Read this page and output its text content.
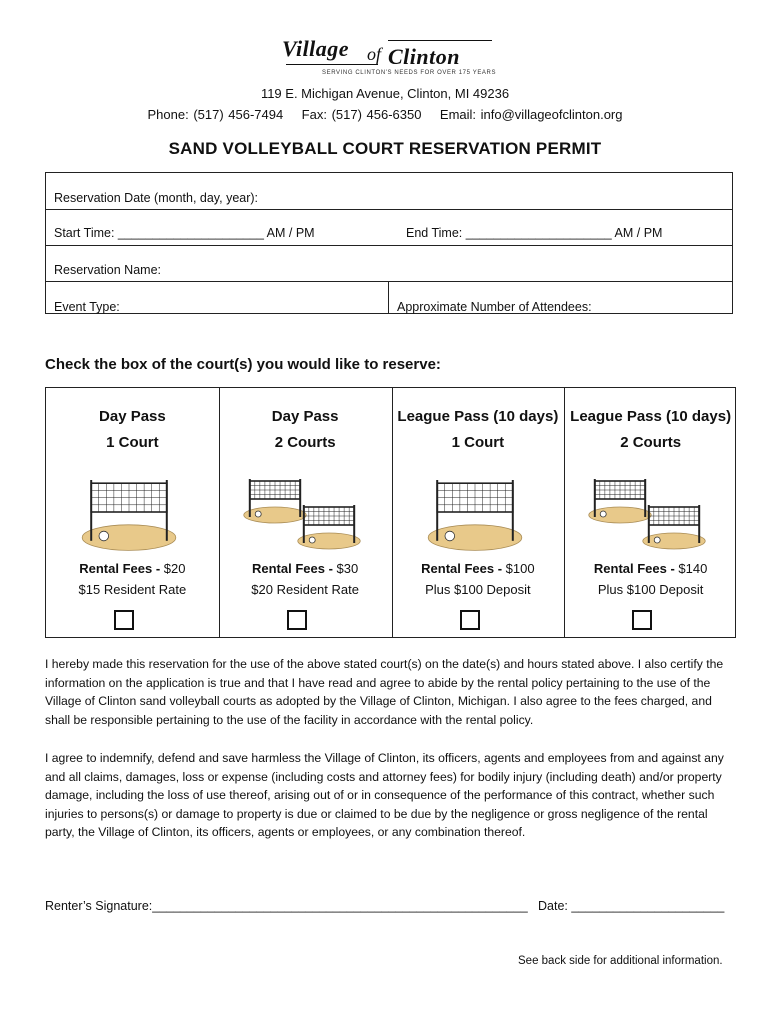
Village of Clinton
SERVING CLINTON'S NEEDS FOR OVER 175 YEARS
119 E. Michigan Avenue, Clinton, MI 49236
Phone: (517) 456-7494    Fax: (517) 456-6350    Email: info@villageofclinton.org
SAND VOLLEYBALL COURT RESERVATION PERMIT
Reservation Date (month, day, year):
Start Time: _____________________ AM / PM	End Time: _____________________ AM / PM
Reservation Name:
Event Type:	Approximate Number of Attendees:
Check the box of the court(s) you would like to reserve:
Day Pass
1 Court
Rental Fees - $20
$15 Resident Rate
Day Pass
2 Courts
Rental Fees - $30
$20 Resident Rate
League Pass (10 days)
1 Court
Rental Fees - $100
Plus $100 Deposit
League Pass (10 days)
2 Courts
Rental Fees - $140
Plus $100 Deposit
I hereby made this reservation for the use of the above stated court(s) on the date(s) and hours stated above. I also certify the information on the application is true and that I have read and agree to abide by the rental policy pertaining to the use of the Village of Clinton sand volleyball courts as adopted by the Village of Clinton, Michigan. I also agree to the fees charged, and shall be responsible pertaining to the use of the facility in accordance with the rental policy.
I agree to indemnify, defend and save harmless the Village of Clinton, its officers, agents and employees from and against any and all claims, damages, loss or expense (including costs and attorney fees) for bodily injury (including death) and/or property damage, including the loss of use thereof, arising out of or in consequence of the performance of this contract, whether such injuries to persons(s) or damage to property is due or claimed to be due by the negligence or gross negligence of the rental party, the Village of Clinton, its officers, agents or employees, or any combination thereof.
Renter’s Signature:______________________________________________________ Date: ______________________
See back side for additional information.
